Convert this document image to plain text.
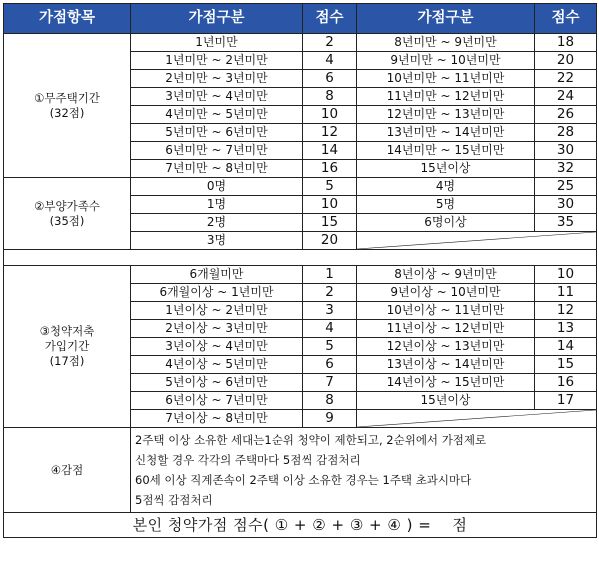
가점항목	가점구분	점수	가점구분	점수

①무주택기간
(32점)	1년미만	2	8년미만 ~ 9년미만	18
	1년미만 ~ 2년미만	4	9년미만 ~ 10년미만	20
	2년미만 ~ 3년미만	6	10년미만 ~ 11년미만	22
	3년미만 ~ 4년미만	8	11년미만 ~ 12년미만	24
	4년미만 ~ 5년미만	10	12년미만 ~ 13년미만	26
	5년미만 ~ 6년미만	12	13년미만 ~ 14년미만	28
	6년미만 ~ 7년미만	14	14년미만 ~ 15년미만	30
	7년미만 ~ 8년미만	16	15년이상	32

②부양가족수
(35점)	0명	5	4명	25
	1명	10	5명	30
	2명	15	6명이상	35
	3명	20	

③청약저축
가입기간
(17점)	6개월미만	1	8년이상 ~ 9년미만	10
	6개월이상 ~ 1년미만	2	9년이상 ~ 10년미만	11
	1년이상 ~ 2년미만	3	10년이상 ~ 11년미만	12
	2년이상 ~ 3년미만	4	11년이상 ~ 12년미만	13
	3년이상 ~ 4년미만	5	12년이상 ~ 13년미만	14
	4년이상 ~ 5년미만	6	13년이상 ~ 14년미만	15
	5년이상 ~ 6년미만	7	14년이상 ~ 15년미만	16
	6년이상 ~ 7년미만	8	15년이상	17
	7년이상 ~ 8년미만	9	

④감점	2주택 이상 소유한 세대는1순위 청약이 제한되고, 2순위에서 가점제로
신청할 경우 각각의 주택마다 5점씩 감점처리
60세 이상 직계존속이 2주택 이상 소유한 경우는 1주택 초과시마다
5점씩 감점처리			

본인 청약가점 점수( ① + ② + ③ + ④ ) =    점				
